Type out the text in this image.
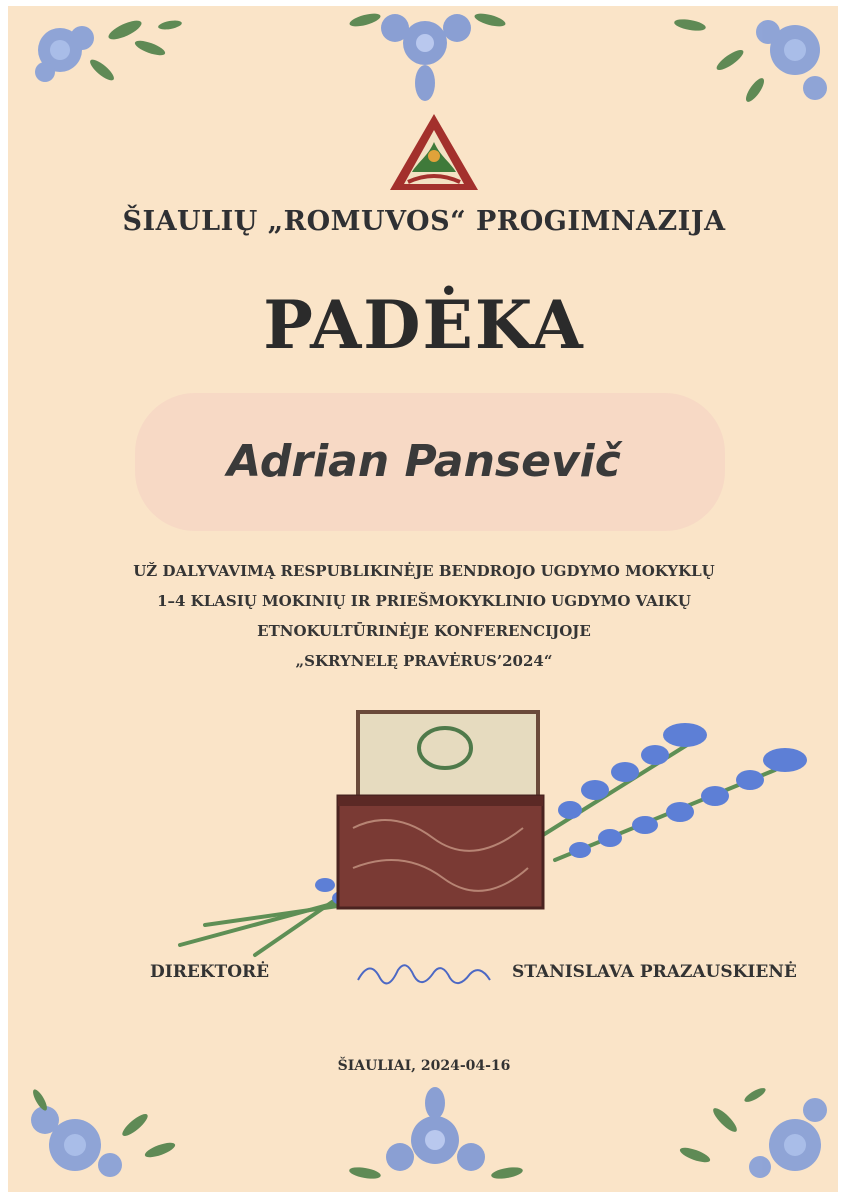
ŠIAULIŲ „ROMUVOS“ PROGIMNAZIJA
PADĖKA

Adrian Pansevič

UŽ DALYVAVIMĄ RESPUBLIKINĖJE BENDROJO UGDYMO MOKYKLŲ
1–4 KLASIŲ MOKINIŲ IR PRIEŠMOKYKLINIO UGDYMO VAIKŲ
ETNOKULTŪRINĖJE KONFERENCIJOJE
„SKRYNELĘ PRAVĖRUS’2024“
DIREKTORĖ	STANISLAVA PRAZAUSKIENĖ
ŠIAULIAI, 2024-04-16
